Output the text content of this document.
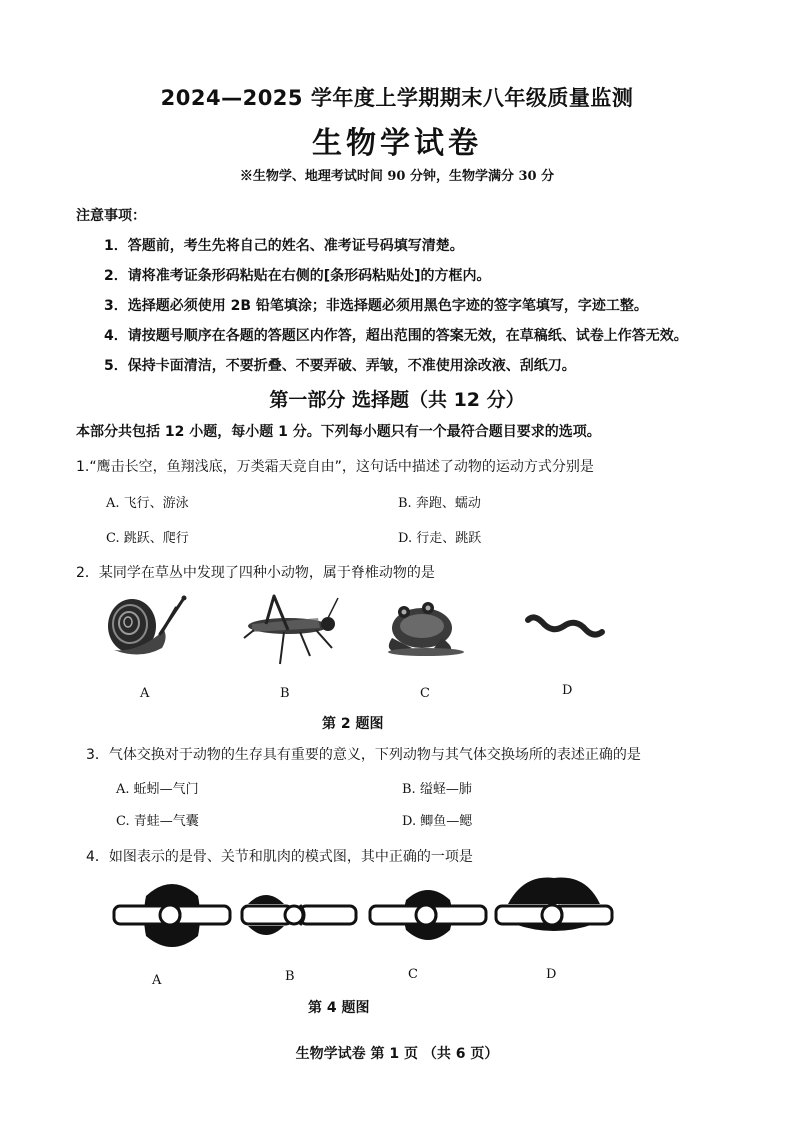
2024—2025 学年度上学期期末八年级质量监测
生物学试卷
※生物学、地理考试时间 90 分钟，生物学满分 30 分
注意事项：
1．答题前，考生先将自己的姓名、准考证号码填写清楚。
2．请将准考证条形码粘贴在右侧的[条形码粘贴处]的方框内。
3．选择题必须使用 2B 铅笔填涂；非选择题必须用黑色字迹的签字笔填写，字迹工整。
4．请按题号顺序在各题的答题区内作答，超出范围的答案无效，在草稿纸、试卷上作答无效。
5．保持卡面清洁，不要折叠、不要弄破、弄皱，不准使用涂改液、刮纸刀。
第一部分 选择题（共 12 分）
本部分共包括 12 小题，每小题 1 分。下列每小题只有一个最符合题目要求的选项。
1.“鹰击长空，鱼翔浅底，万类霜天竞自由”，这句话中描述了动物的运动方式分别是
A. 飞行、游泳	B. 奔跑、蠕动
C. 跳跃、爬行	D. 行走、跳跃
2．某同学在草丛中发现了四种小动物，属于脊椎动物的是
A	B	C	D
第 2 题图
3．气体交换对于动物的生存具有重要的意义，下列动物与其气体交换场所的表述正确的是
A. 蚯蚓—气门	B. 缢蛏—肺
C. 青蛙—气囊	D. 鲫鱼—鳃
4．如图表示的是骨、关节和肌肉的模式图，其中正确的一项是
A	B	C	D
第 4 题图
生物学试卷 第 1 页 （共 6 页）
